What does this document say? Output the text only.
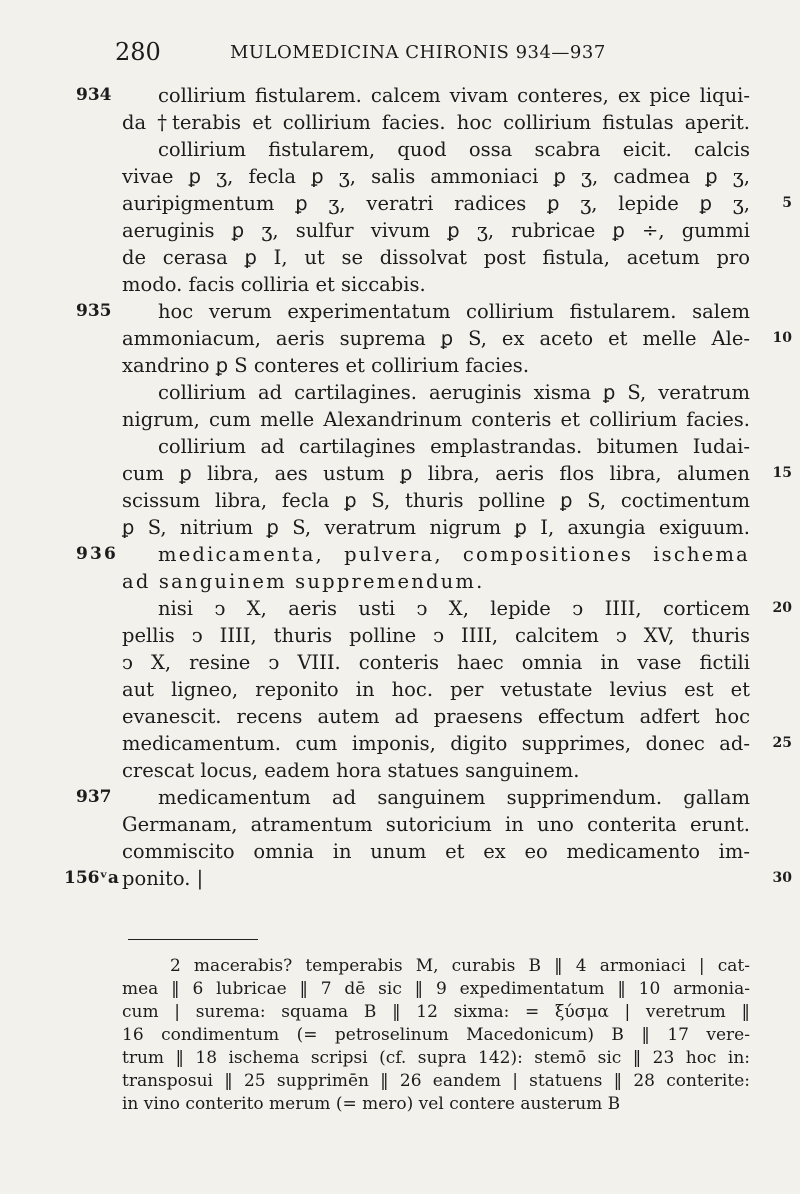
280	MULOMEDICINA CHIRONIS 934—937
934 collirium fistularem. calcem vivam conteres, ex pice liqui-
da †terabis et collirium facies. hoc collirium fistulas aperit.
collirium fistularem, quod ossa scabra eicit. calcis
vivae ꝑ ʒ, fecla ꝑ ʒ, salis ammoniaci ꝑ ʒ, cadmea ꝑ ʒ,
auripigmentum ꝑ ʒ, veratri radices ꝑ ʒ, lepide ꝑ ʒ, 5
aeruginis ꝑ ʒ, sulfur vivum ꝑ ʒ, rubricae ꝑ ÷, gummi
de cerasa ꝑ I, ut se dissolvat post fistula, acetum pro
modo. facis colliria et siccabis.
935 hoc verum experimentatum collirium fistularem. salem
ammoniacum, aeris suprema ꝑ S, ex aceto et melle Ale- 10
xandrino ꝑ S conteres et collirium facies.
collirium ad cartilagines. aeruginis xisma ꝑ S, veratrum
nigrum, cum melle Alexandrinum conteris et collirium facies.
collirium ad cartilagines emplastrandas. bitumen Iudai-
cum ꝑ libra, aes ustum ꝑ libra, aeris flos libra, alumen 15
scissum libra, fecla ꝑ S, thuris polline ꝑ S, coctimentum
ꝑ S, nitrium ꝑ S, veratrum nigrum ꝑ I, axungia exiguum.
936 medicamenta, pulvera, compositiones ischema
ad sanguinem suppremendum.
nisi ↄ X, aeris usti ↄ X, lepide ↄ IIII, corticem 20
pellis ↄ IIII, thuris polline ↄ IIII, calcitem ↄ XV, thuris
ↄ X, resine ↄ VIII. conteris haec omnia in vase fictili
aut ligneo, reponito in hoc. per vetustate levius est et
evanescit. recens autem ad praesens effectum adfert hoc
medicamentum. cum imponis, digito supprimes, donec ad- 25
crescat locus, eadem hora statues sanguinem.
937 medicamentum ad sanguinem supprimendum. gallam
Germanam, atramentum sutoricium in uno conterita erunt.
commiscito omnia in unum et ex eo medicamento im-
156ᵛa ponito. |	30
2 macerabis? temperabis M, curabis B ‖ 4 armoniaci | cat-
mea ‖ 6 lubricae ‖ 7 dē sic ‖ 9 expedimentatum ‖ 10 armonia-
cum | surema: squama B ‖ 12 sixma: = ξύσμα | veretrum ‖
16 condimentum (= petroselinum Macedonicum) B ‖ 17 vere-
trum ‖ 18 ischema scripsi (cf. supra 142): stemō sic ‖ 23 hoc in:
transposui ‖ 25 supprimēn ‖ 26 eandem | statuens ‖ 28 conterite:
in vino conterito merum (= mero) vel contere austerum B
